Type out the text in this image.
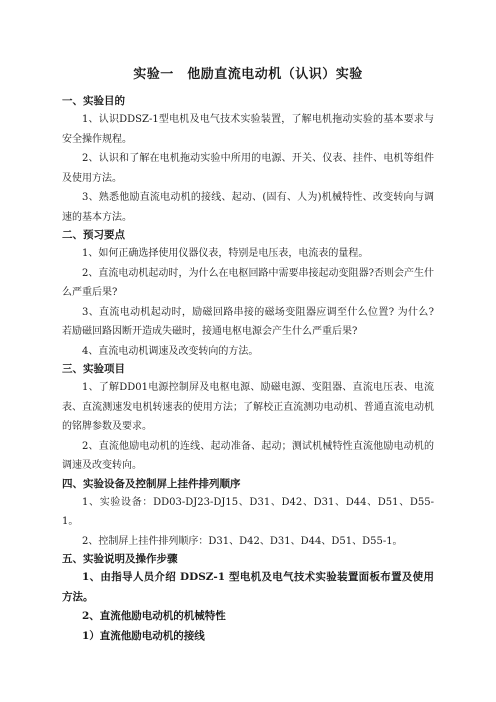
实验一　他励直流电动机（认识）实验
一、实验目的
1、认识DDSZ-1型电机及电气技术实验装置，了解电机拖动实验的基本要求与安全操作规程。
2、认识和了解在电机拖动实验中所用的电源、开关、仪表、挂件、电机等组件及使用方法。
3、熟悉他励直流电动机的接线、起动、(固有、人为)机械特性、改变转向与调速的基本方法。
二、预习要点
1、如何正确选择使用仪器仪表，特别是电压表，电流表的量程。
2、直流电动机起动时，为什么在电枢回路中需要串接起动变阻器?否则会产生什么严重后果?
3、直流电动机起动时，励磁回路串接的磁场变阻器应调至什么位置? 为什么? 若励磁回路因断开造成失磁时，接通电枢电源会产生什么严重后果?
4、直流电动机调速及改变转向的方法。
三、实验项目
1、了解DD01电源控制屏及电枢电源、励磁电源、变阻器、直流电压表、电流表、直流测速发电机转速表的使用方法；了解校正直流测功电动机、普通直流电动机的铭牌参数及要求。
2、直流他励电动机的连线、起动准备、起动；测试机械特性直流他励电动机的调速及改变转向。
四、实验设备及控制屏上挂件排列顺序
1、实验设备：DD03-DJ23-DJ15、D31、D42、D31、D44、D51、D55-1。
2、控制屏上挂件排列顺序：D31、D42、D31、D44、D51、D55-1。
五、实验说明及操作步骤
1、由指导人员介绍 DDSZ-1 型电机及电气技术实验装置面板布置及使用方法。
2、直流他励电动机的机械特性
1）直流他励电动机的接线
